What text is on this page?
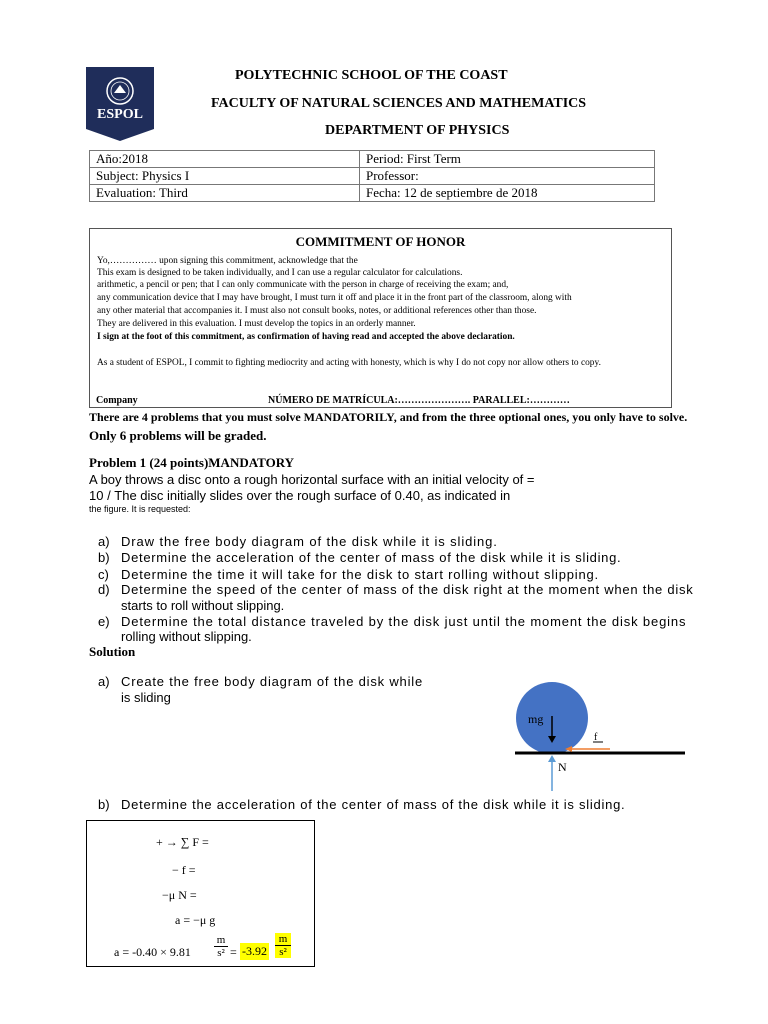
ESPOL
POLYTECHNIC SCHOOL OF THE COAST
FACULTY OF NATURAL SCIENCES AND MATHEMATICS
DEPARTMENT OF PHYSICS
Año:2018	Period: First Term
Subject: Physics I	Professor:
Evaluation: Third	Fecha: 12 de septiembre de 2018
COMMITMENT OF HONOR
Yo,…………… upon signing this commitment, acknowledge that the
This exam is designed to be taken individually, and I can use a regular calculator for calculations.
arithmetic, a pencil or pen; that I can only communicate with the person in charge of receiving the exam; and,
any communication device that I may have brought, I must turn it off and place it in the front part of the classroom, along with
any other material that accompanies it. I must also not consult books, notes, or additional references other than those.
They are delivered in this evaluation. I must develop the topics in an orderly manner.
I sign at the foot of this commitment, as confirmation of having read and accepted the above declaration.
As a student of ESPOL, I commit to fighting mediocrity and acting with honesty, which is why I do not copy nor allow others to copy.
Company	NÚMERO DE MATRÍCULA:…………………. PARALLEL:…………
There are 4 problems that you must solve MANDATORILY, and from the three optional ones, you only have to solve.
Only 6 problems will be graded.
Problem 1 (24 points)MANDATORY
A boy throws a disc onto a rough horizontal surface with an initial velocity of =
10 / The disc initially slides over the rough surface of 0.40, as indicated in
the figure. It is requested:
a) Draw the free body diagram of the disk while it is sliding.
b) Determine the acceleration of the center of mass of the disk while it is sliding.
c) Determine the time it will take for the disk to start rolling without slipping.
d) Determine the speed of the center of mass of the disk right at the moment when the disk
starts to roll without slipping.
e) Determine the total distance traveled by the disk just until the moment the disk begins
rolling without slipping.
Solution
a) Create the free body diagram of the disk while
is sliding
mg
N
f
b) Determine the acceleration of the center of mass of the disk while it is sliding.
+ → ∑ F =
− f =
−μ N =
a = −μ g
$a = -0.40 \times 9.81 \frac{m}{\text{s²}} = -3.92 \frac{m}{\text{s²}}$
